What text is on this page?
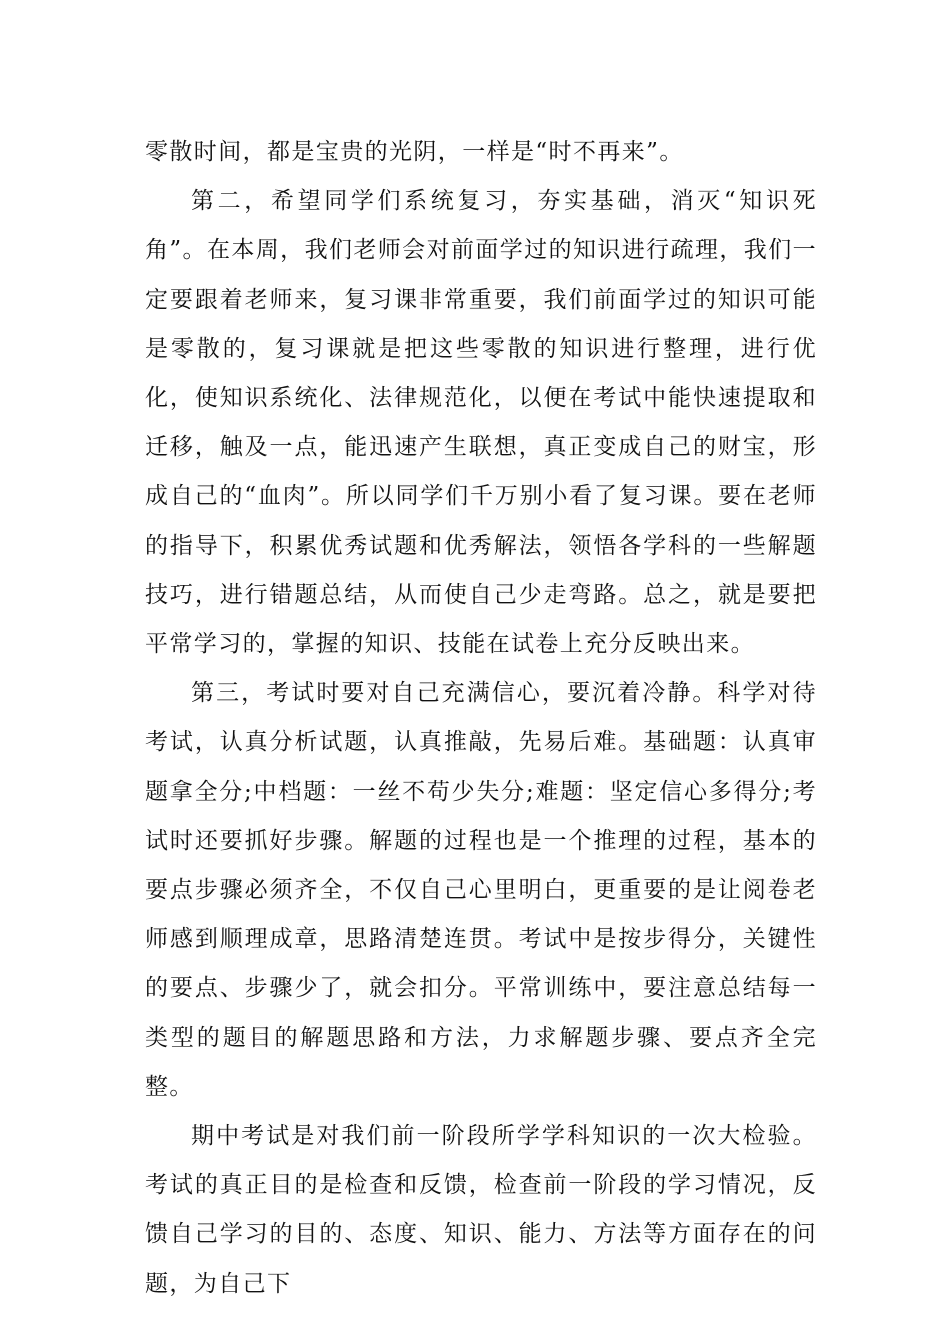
零散时间，都是宝贵的光阴，一样是“时不再来”。

第二，希望同学们系统复习，夯实基础，消灭“知识死角”。在本周，我们老师会对前面学过的知识进行疏理，我们一定要跟着老师来，复习课非常重要，我们前面学过的知识可能是零散的，复习课就是把这些零散的知识进行整理，进行优化，使知识系统化、法律规范化，以便在考试中能快速提取和迁移，触及一点，能迅速产生联想，真正变成自己的财宝，形成自己的“血肉”。所以同学们千万别小看了复习课。要在老师的指导下，积累优秀试题和优秀解法，领悟各学科的一些解题技巧，进行错题总结，从而使自己少走弯路。总之，就是要把平常学习的，掌握的知识、技能在试卷上充分反映出来。

第三，考试时要对自己充满信心，要沉着冷静。科学对待考试，认真分析试题，认真推敲，先易后难。基础题：认真审题拿全分;中档题：一丝不苟少失分;难题：坚定信心多得分;考试时还要抓好步骤。解题的过程也是一个推理的过程，基本的要点步骤必须齐全，不仅自己心里明白，更重要的是让阅卷老师感到顺理成章，思路清楚连贯。考试中是按步得分，关键性的要点、步骤少了，就会扣分。平常训练中，要注意总结每一类型的题目的解题思路和方法，力求解题步骤、要点齐全完整。

期中考试是对我们前一阶段所学学科知识的一次大检验。考试的真正目的是检查和反馈，检查前一阶段的学习情况，反馈自己学习的目的、态度、知识、能力、方法等方面存在的问题，为自己下
